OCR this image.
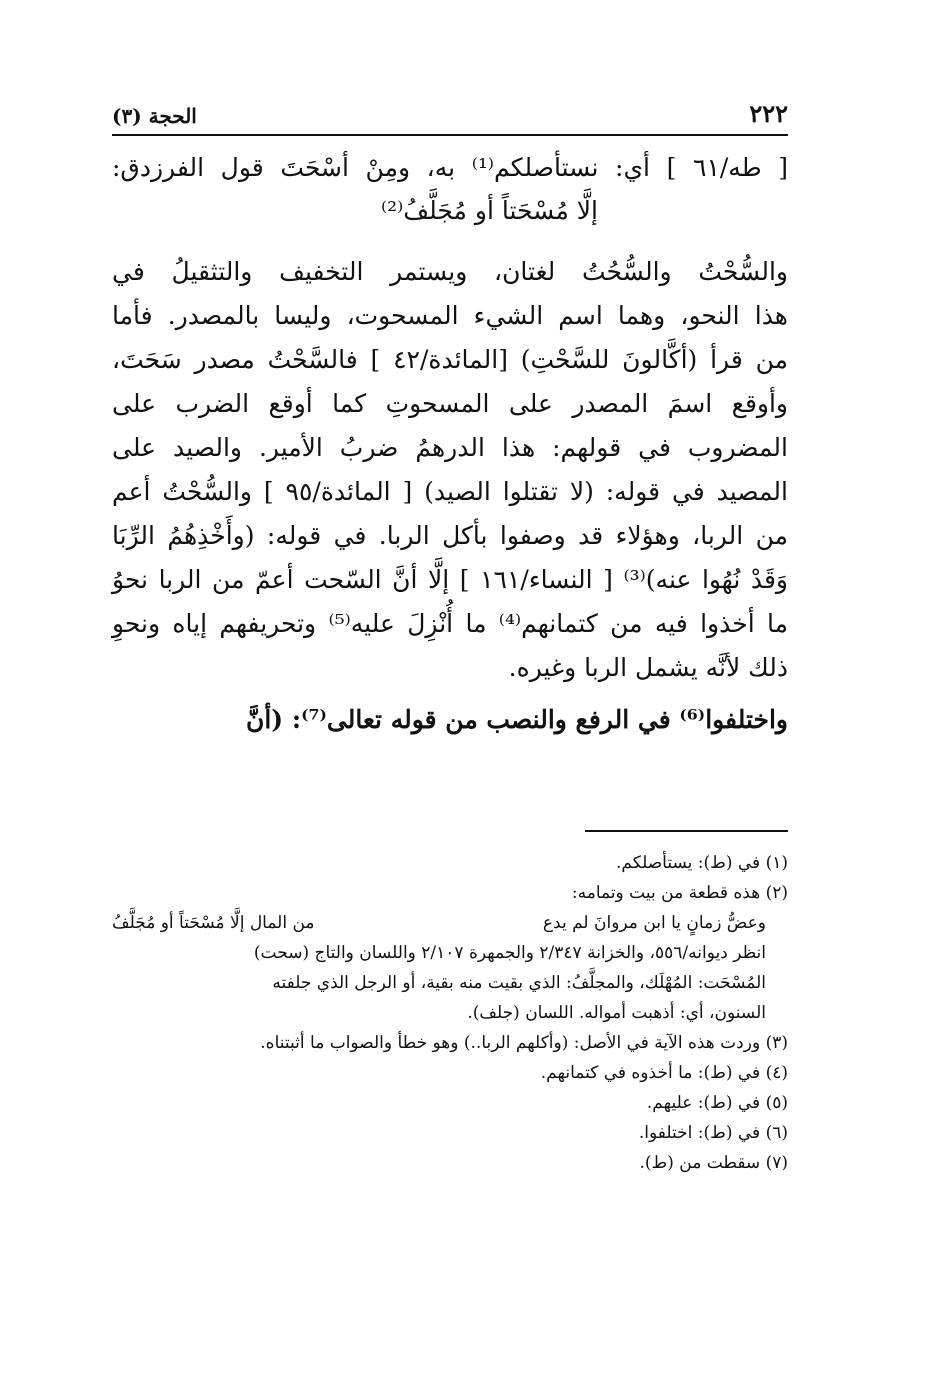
٢٢٢
الحجة (٣)
[ طه/٦١ ] أي: نستأصلكم⁽¹⁾ به، ومِنْ أسْحَتَ قول الفرزدق:
إلَّا مُسْحَتاً أو مُجَلَّفُ⁽²⁾
والسُّحْتُ والسُّحُتُ لغتان، ويستمر التخفيف والتثقيلُ في
هذا النحو، وهما اسم الشيء المسحوت، وليسا بالمصدر. فأما
من قرأ (أكَّالونَ للسَّحْتِ) [المائدة/٤٢ ] فالسَّحْتُ مصدر سَحَتَ،
وأوقع اسمَ المصدر على المسحوتِ كما أوقع الضرب على
المضروب في قولهم: هذا الدرهمُ ضربُ الأمير. والصيد على
المصيد في قوله: (لا تقتلوا الصيد) [ المائدة/٩٥ ] والسُّحْتُ أعم
من الربا، وهؤلاء قد وصفوا بأكل الربا. في قوله: (وأَخْذِهُمُ الرِّبَا
وَقَدْ نُهُوا عنه)⁽³⁾ [ النساء/١٦١ ] إلَّا أنَّ السّحت أعمّ من الربا نحوُ
ما أخذوا فيه من كتمانهم⁽⁴⁾ ما أُنْزِلَ عليه⁽⁵⁾ وتحريفهم إياه ونحوِ
ذلك لأنَّه يشمل الربا وغيره.
واختلفوا⁽⁶⁾ في الرفع والنصب من قوله تعالى⁽⁷⁾: (أنَّ
(١) في (ط): يستأصلكم.
(٢) هذه قطعة من بيت وتمامه:
وعضُّ زمانٍ يا ابن مروانَ لم يدع
من المال إلَّا مُسْحَتاً أو مُجَلَّفُ
انظر ديوانه/٥٥٦، والخزانة ٢/٣٤٧ والجمهرة ٢/١٠٧ واللسان والتاج (سحت)
المُسْحَت: المُهْلَك، والمجلَّفُ: الذي بقيت منه بقية، أو الرجل الذي جلفته
السنون، أي: أذهبت أمواله. اللسان (جلف).
(٣) وردت هذه الآية في الأصل: (وأكلهم الربا..) وهو خطأ والصواب ما أثبتناه.
(٤) في (ط): ما أخذوه في كتمانهم.
(٥) في (ط): عليهم.
(٦) في (ط): اختلفوا.
(٧) سقطت من (ط).
